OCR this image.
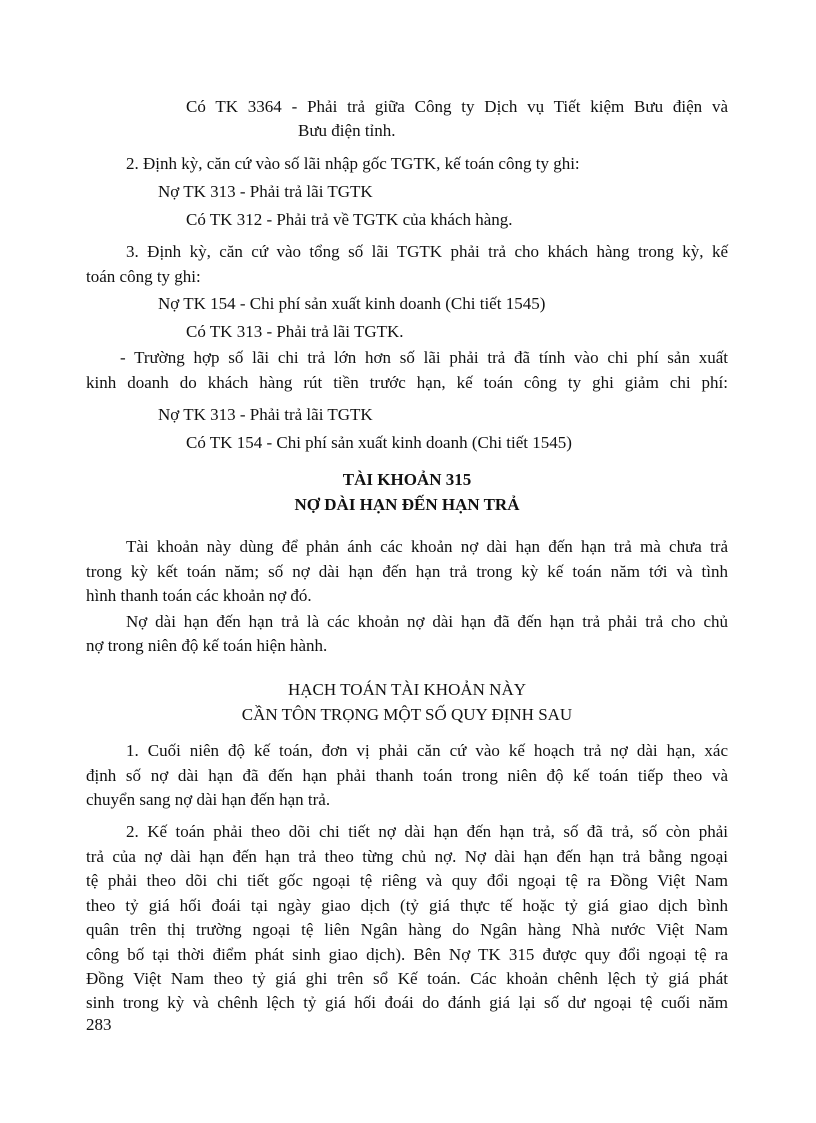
Có TK 3364 - Phải trả giữa Công ty Dịch vụ Tiết kiệm Bưu điện và
Bưu điện tỉnh.
2. Định kỳ, căn cứ vào số lãi nhập gốc TGTK, kế toán công ty ghi:
Nợ TK 313 - Phải trả lãi TGTK
Có TK 312 - Phải trả về TGTK của khách hàng.
3. Định kỳ, căn cứ vào tổng số lãi TGTK phải trả cho khách hàng trong kỳ, kế
toán công ty ghi:
Nợ TK 154 - Chi phí sản xuất kinh doanh (Chi tiết 1545)
Có TK 313 - Phải trả lãi TGTK.
- Trường hợp số lãi chi trả lớn hơn số lãi phải trả đã tính vào chi phí sản xuất
kinh doanh do khách hàng rút tiền trước hạn, kế toán công ty ghi giảm chi phí:
Nợ TK 313 - Phải trả lãi TGTK
Có TK 154 - Chi phí sản xuất kinh doanh (Chi tiết 1545)
TÀI KHOẢN 315
NỢ DÀI HẠN ĐẾN HẠN TRẢ
Tài khoản này dùng để phản ánh các khoản nợ dài hạn đến hạn trả mà chưa trả
trong kỳ kết toán năm; số nợ dài hạn đến hạn trả trong kỳ kế toán năm tới và tình
hình thanh toán các khoản nợ đó.
Nợ dài hạn đến hạn trả là các khoản nợ dài hạn đã đến hạn trả phải trả cho chủ
nợ trong niên độ kế toán hiện hành.
HẠCH TOÁN TÀI KHOẢN NÀY
CẦN TÔN TRỌNG MỘT SỐ QUY ĐỊNH SAU
1. Cuối niên độ kế toán, đơn vị phải căn cứ vào kế hoạch trả nợ dài hạn, xác
định số nợ dài hạn đã đến hạn phải thanh toán trong niên độ kế toán tiếp theo và
chuyển sang nợ dài hạn đến hạn trả.
2. Kế toán phải theo dõi chi tiết nợ dài hạn đến hạn trả, số đã trả, số còn phải
trả của nợ dài hạn đến hạn trả theo từng chủ nợ. Nợ dài hạn đến hạn trả bằng ngoại
tệ phải theo dõi chi tiết gốc ngoại tệ riêng và quy đổi ngoại tệ ra Đồng Việt Nam
theo tỷ giá hối đoái tại ngày giao dịch (tỷ giá thực tế hoặc tỷ giá giao dịch bình
quân trên thị trường ngoại tệ liên Ngân hàng do Ngân hàng Nhà nước Việt Nam
công bố tại thời điểm phát sinh giao dịch). Bên Nợ TK 315 được quy đổi ngoại tệ ra
Đồng Việt Nam theo tỷ giá ghi trên sổ Kế toán. Các khoản chênh lệch tỷ giá phát
sinh trong kỳ và chênh lệch tỷ giá hối đoái do đánh giá lại số dư ngoại tệ cuối năm
283
